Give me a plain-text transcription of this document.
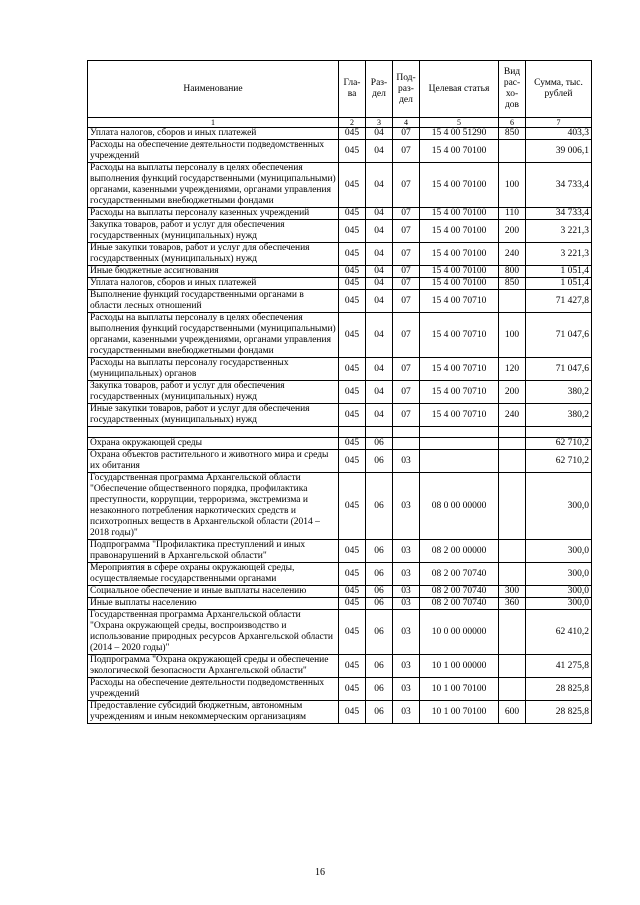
Наименование	Гла-ва	Раз-дел	Под-раз-дел	Целевая статья	Вид рас-хо-дов	Сумма, тыс. рублей
1	2	3	4	5	6	7
Уплата налогов, сборов и иных платежей	045	04	07	15 4 00 51290	850	403,3
Расходы на обеспечение деятельности подведомственных учреждений	045	04	07	15 4 00 70100		39 006,1
Расходы на выплаты персоналу в целях обеспечения выполнения функций государственными (муниципальными) органами, казенными учреждениями, органами управления государственными внебюджетными фондами	045	04	07	15 4 00 70100	100	34 733,4
Расходы на выплаты персоналу казенных учреждений	045	04	07	15 4 00 70100	110	34 733,4
Закупка товаров, работ и услуг для обеспечения государственных (муниципальных) нужд	045	04	07	15 4 00 70100	200	3 221,3
Иные закупки товаров, работ и услуг для обеспечения государственных (муниципальных) нужд	045	04	07	15 4 00 70100	240	3 221,3
Иные бюджетные ассигнования	045	04	07	15 4 00 70100	800	1 051,4
Уплата налогов, сборов и иных платежей	045	04	07	15 4 00 70100	850	1 051,4
Выполнение функций государственными органами в области лесных отношений	045	04	07	15 4 00 70710		71 427,8
Расходы на выплаты персоналу в целях обеспечения выполнения функций государственными (муниципальными) органами, казенными учреждениями, органами управления государственными внебюджетными фондами	045	04	07	15 4 00 70710	100	71 047,6
Расходы на выплаты персоналу государственных (муниципальных) органов	045	04	07	15 4 00 70710	120	71 047,6
Закупка товаров, работ и услуг для обеспечения государственных (муниципальных) нужд	045	04	07	15 4 00 70710	200	380,2
Иные закупки товаров, работ и услуг для обеспечения государственных (муниципальных) нужд	045	04	07	15 4 00 70710	240	380,2

Охрана окружающей среды	045	06				62 710,2
Охрана объектов растительного и животного мира и среды их обитания	045	06	03			62 710,2
Государственная программа Архангельской области "Обеспечение общественного порядка, профилактика преступности, коррупции, терроризма, экстремизма и незаконного потребления наркотических средств и психотропных веществ в Архангельской области (2014 – 2018 годы)"	045	06	03	08 0 00 00000		300,0
Подпрограмма "Профилактика преступлений и иных правонарушений в Архангельской области"	045	06	03	08 2 00 00000		300,0
Мероприятия в сфере охраны окружающей среды, осуществляемые государственными органами	045	06	03	08 2 00 70740		300,0
Социальное обеспечение и иные выплаты населению	045	06	03	08 2 00 70740	300	300,0
Иные выплаты населению	045	06	03	08 2 00 70740	360	300,0
Государственная программа Архангельской области "Охрана окружающей среды, воспроизводство и использование природных ресурсов Архангельской области (2014 – 2020 годы)"	045	06	03	10 0 00 00000		62 410,2
Подпрограмма "Охрана окружающей среды и обеспечение экологической безопасности Архангельской области"	045	06	03	10 1 00 00000		41 275,8
Расходы на обеспечение деятельности подведомственных учреждений	045	06	03	10 1 00 70100		28 825,8
Предоставление субсидий бюджетным, автономным учреждениям и иным некоммерческим организациям	045	06	03	10 1 00 70100	600	28 825,8
16
